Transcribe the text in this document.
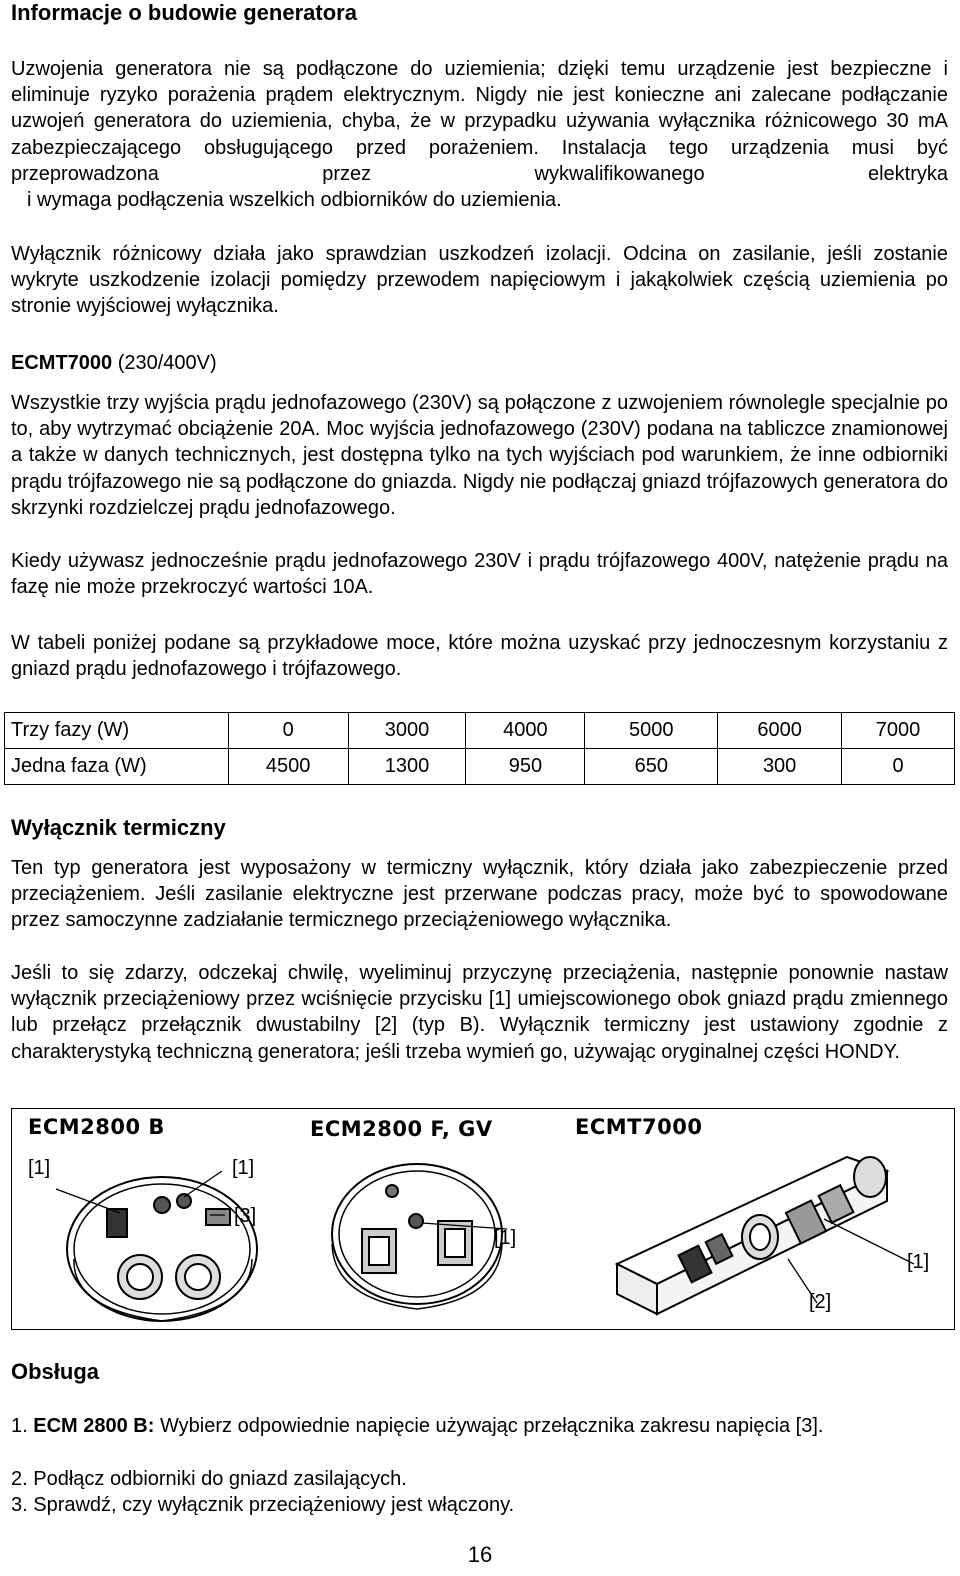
Informacje o budowie generatora
Uzwojenia generatora nie są podłączone do uziemienia; dzięki temu urządzenie jest bezpieczne i eliminuje ryzyko porażenia prądem elektrycznym. Nigdy nie jest konieczne ani zalecane podłączanie uzwojeń generatora do uziemienia, chyba, że w przypadku używania wyłącznika różnicowego 30 mA zabezpieczającego obsługującego przed porażeniem. Instalacja tego urządzenia musi być przeprowadzona przez wykwalifikowanego elektryka
i wymaga podłączenia wszelkich odbiorników do uziemienia.
Wyłącznik różnicowy działa jako sprawdzian uszkodzeń izolacji. Odcina on zasilanie, jeśli zostanie wykryte uszkodzenie izolacji pomiędzy przewodem napięciowym i jakąkolwiek częścią uziemienia po stronie wyjściowej wyłącznika.
ECMT7000 (230/400V)
Wszystkie trzy wyjścia prądu jednofazowego (230V) są połączone z uzwojeniem równolegle specjalnie po to, aby wytrzymać obciążenie 20A. Moc wyjścia jednofazowego (230V) podana na tabliczce znamionowej a także w danych technicznych, jest dostępna tylko na tych wyjściach pod warunkiem, że inne odbiorniki prądu trójfazowego nie są podłączone do gniazda. Nigdy nie podłączaj gniazd trójfazowych generatora do skrzynki rozdzielczej prądu jednofazowego.
Kiedy używasz jednocześnie prądu jednofazowego 230V i prądu trójfazowego 400V, natężenie prądu na fazę nie może przekroczyć wartości 10A.
W tabeli poniżej podane są przykładowe moce, które można uzyskać przy jednoczesnym korzystaniu z gniazd prądu jednofazowego i trójfazowego.
Trzy fazy (W)	0	3000	4000	5000	6000	7000
Jedna faza (W)	4500	1300	950	650	300	0
Wyłącznik termiczny
Ten typ generatora jest wyposażony w termiczny wyłącznik, który działa jako zabezpieczenie przed przeciążeniem. Jeśli zasilanie elektryczne jest przerwane podczas pracy, może być to spowodowane przez samoczynne zadziałanie termicznego przeciążeniowego wyłącznika.
Jeśli to się zdarzy, odczekaj chwilę, wyeliminuj przyczynę przeciążenia, następnie ponownie nastaw wyłącznik przeciążeniowy przez wciśnięcie przycisku [1] umiejscowionego obok gniazd prądu zmiennego lub przełącz przełącznik dwustabilny [2] (typ B). Wyłącznik termiczny jest ustawiony zgodnie z charakterystyką techniczną generatora; jeśli trzeba wymień go, używając oryginalnej części HONDY.
ECM2800 B
[1]	[1]
[3]
ECM2800 F, GV
[1]
ECMT7000
[1]
[2]
Obsługa
1. ECM 2800 B: Wybierz odpowiednie napięcie używając przełącznika zakresu napięcia [3].
2. Podłącz odbiorniki do gniazd zasilających.
3. Sprawdź, czy wyłącznik przeciążeniowy jest włączony.
16
